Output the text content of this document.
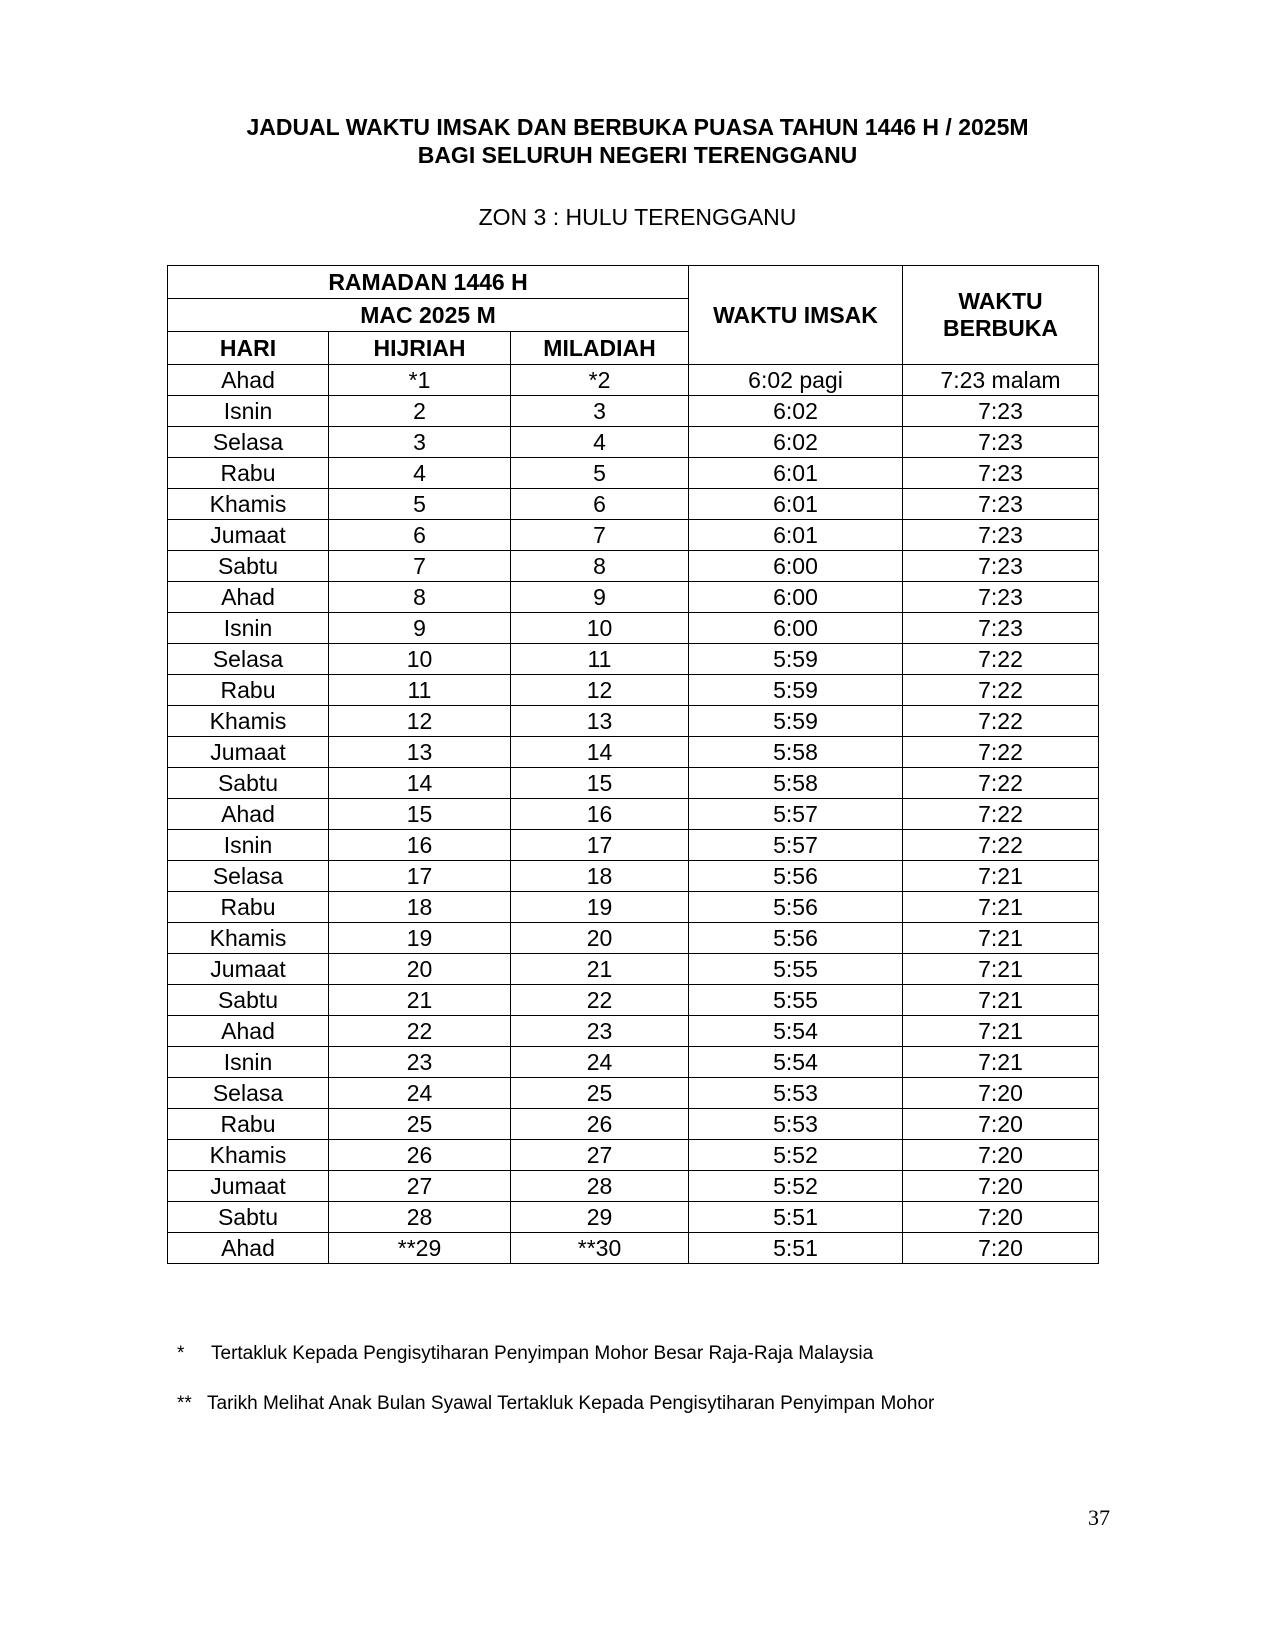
JADUAL WAKTU IMSAK DAN BERBUKA PUASA TAHUN 1446 H / 2025M
BAGI SELURUH NEGERI TERENGGANU
ZON 3 : HULU TERENGGANU
RAMADAN 1446 H			WAKTU IMSAK	WAKTU
BERBUKA

MAC 2025 M				
HARI	HIJRIAH	MILADIAH		
Ahad	*1	*2	6:02 pagi	7:23 malam
Isnin	2	3	6:02	7:23
Selasa	3	4	6:02	7:23
Rabu	4	5	6:01	7:23
Khamis	5	6	6:01	7:23
Jumaat	6	7	6:01	7:23
Sabtu	7	8	6:00	7:23
Ahad	8	9	6:00	7:23
Isnin	9	10	6:00	7:23
Selasa	10	11	5:59	7:22
Rabu	11	12	5:59	7:22
Khamis	12	13	5:59	7:22
Jumaat	13	14	5:58	7:22
Sabtu	14	15	5:58	7:22
Ahad	15	16	5:57	7:22
Isnin	16	17	5:57	7:22
Selasa	17	18	5:56	7:21
Rabu	18	19	5:56	7:21
Khamis	19	20	5:56	7:21
Jumaat	20	21	5:55	7:21
Sabtu	21	22	5:55	7:21
Ahad	22	23	5:54	7:21
Isnin	23	24	5:54	7:21
Selasa	24	25	5:53	7:20
Rabu	25	26	5:53	7:20
Khamis	26	27	5:52	7:20
Jumaat	27	28	5:52	7:20
Sabtu	28	29	5:51	7:20
Ahad	**29	**30	5:51	7:20
* Tertakluk Kepada Pengisytiharan Penyimpan Mohor Besar Raja-Raja Malaysia
** Tarikh Melihat Anak Bulan Syawal Tertakluk Kepada Pengisytiharan Penyimpan Mohor
37
